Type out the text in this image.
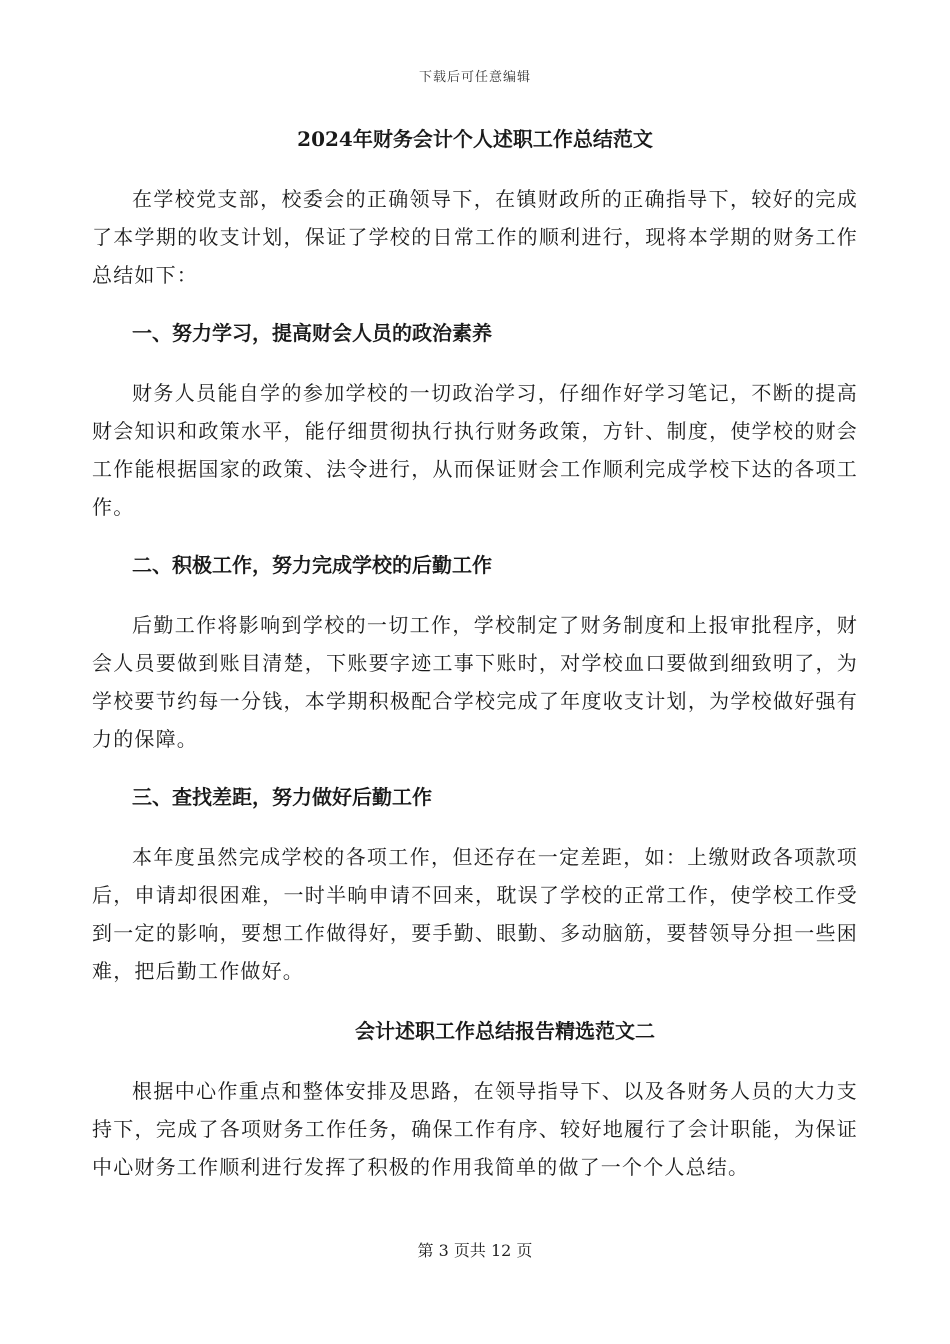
下载后可任意编辑
2024年财务会计个人述职工作总结范文

在学校党支部，校委会的正确领导下，在镇财政所的正确指导下，较好的完成了本学期的收支计划，保证了学校的日常工作的顺利进行，现将本学期的财务工作总结如下：

一、努力学习，提高财会人员的政治素养

财务人员能自学的参加学校的一切政治学习，仔细作好学习笔记，不断的提高财会知识和政策水平，能仔细贯彻执行执行财务政策，方针、制度，使学校的财会工作能根据国家的政策、法令进行，从而保证财会工作顺利完成学校下达的各项工作。

二、积极工作，努力完成学校的后勤工作

后勤工作将影响到学校的一切工作，学校制定了财务制度和上报审批程序，财会人员要做到账目清楚，下账要字迹工事下账时，对学校血口要做到细致明了，为学校要节约每一分钱，本学期积极配合学校完成了年度收支计划，为学校做好强有力的保障。

三、查找差距，努力做好后勤工作

本年度虽然完成学校的各项工作，但还存在一定差距，如：上缴财政各项款项后，申请却很困难，一时半晌申请不回来，耽误了学校的正常工作，使学校工作受到一定的影响，要想工作做得好，要手勤、眼勤、多动脑筋，要替领导分担一些困难，把后勤工作做好。

会计述职工作总结报告精选范文二

根据中心作重点和整体安排及思路，在领导指导下、以及各财务人员的大力支持下，完成了各项财务工作任务，确保工作有序、较好地履行了会计职能，为保证中心财务工作顺利进行发挥了积极的作用我简单的做了一个个人总结。

第 3 页共 12 页
